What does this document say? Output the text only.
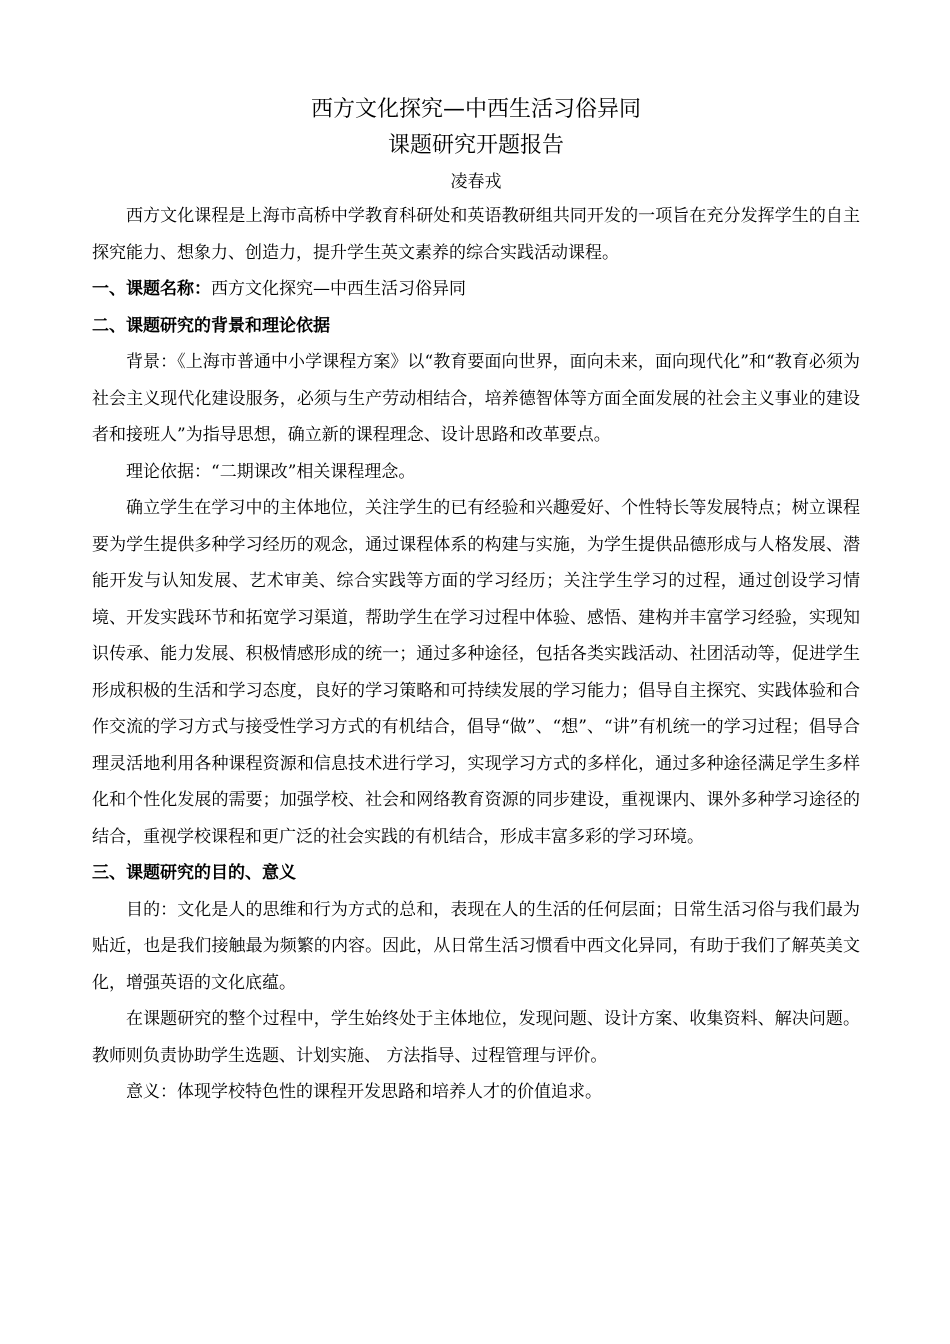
西方文化探究—中西生活习俗异同
课题研究开题报告
凌春戎

西方文化课程是上海市高桥中学教育科研处和英语教研组共同开发的一项旨在充分发挥学生的自主探究能力、想象力、创造力，提升学生英文素养的综合实践活动课程。

一、课题名称：西方文化探究—中西生活习俗异同
二、课题研究的背景和理论依据

背景：《上海市普通中小学课程方案》以“教育要面向世界，面向未来，面向现代化”和“教育必须为社会主义现代化建设服务，必须与生产劳动相结合，培养德智体等方面全面发展的社会主义事业的建设者和接班人”为指导思想，确立新的课程理念、设计思路和改革要点。

理论依据：“二期课改”相关课程理念。

确立学生在学习中的主体地位，关注学生的已有经验和兴趣爱好、个性特长等发展特点；树立课程要为学生提供多种学习经历的观念，通过课程体系的构建与实施，为学生提供品德形成与人格发展、潜能开发与认知发展、艺术审美、综合实践等方面的学习经历；关注学生学习的过程，通过创设学习情境、开发实践环节和拓宽学习渠道，帮助学生在学习过程中体验、感悟、建构并丰富学习经验，实现知识传承、能力发展、积极情感形成的统一；通过多种途径，包括各类实践活动、社团活动等，促进学生形成积极的生活和学习态度，良好的学习策略和可持续发展的学习能力；倡导自主探究、实践体验和合作交流的学习方式与接受性学习方式的有机结合，倡导“做”、“想”、“讲”有机统一的学习过程；倡导合理灵活地利用各种课程资源和信息技术进行学习，实现学习方式的多样化，通过多种途径满足学生多样化和个性化发展的需要；加强学校、社会和网络教育资源的同步建设，重视课内、课外多种学习途径的结合，重视学校课程和更广泛的社会实践的有机结合，形成丰富多彩的学习环境。

三、课题研究的目的、意义

目的：文化是人的思维和行为方式的总和，表现在人的生活的任何层面；日常生活习俗与我们最为贴近，也是我们接触最为频繁的内容。因此，从日常生活习惯看中西文化异同，有助于我们了解英美文化，增强英语的文化底蕴。

在课题研究的整个过程中，学生始终处于主体地位，发现问题、设计方案、收集资料、解决问题。教师则负责协助学生选题、计划实施、 方法指导、过程管理与评价。

意义：体现学校特色性的课程开发思路和培养人才的价值追求。
